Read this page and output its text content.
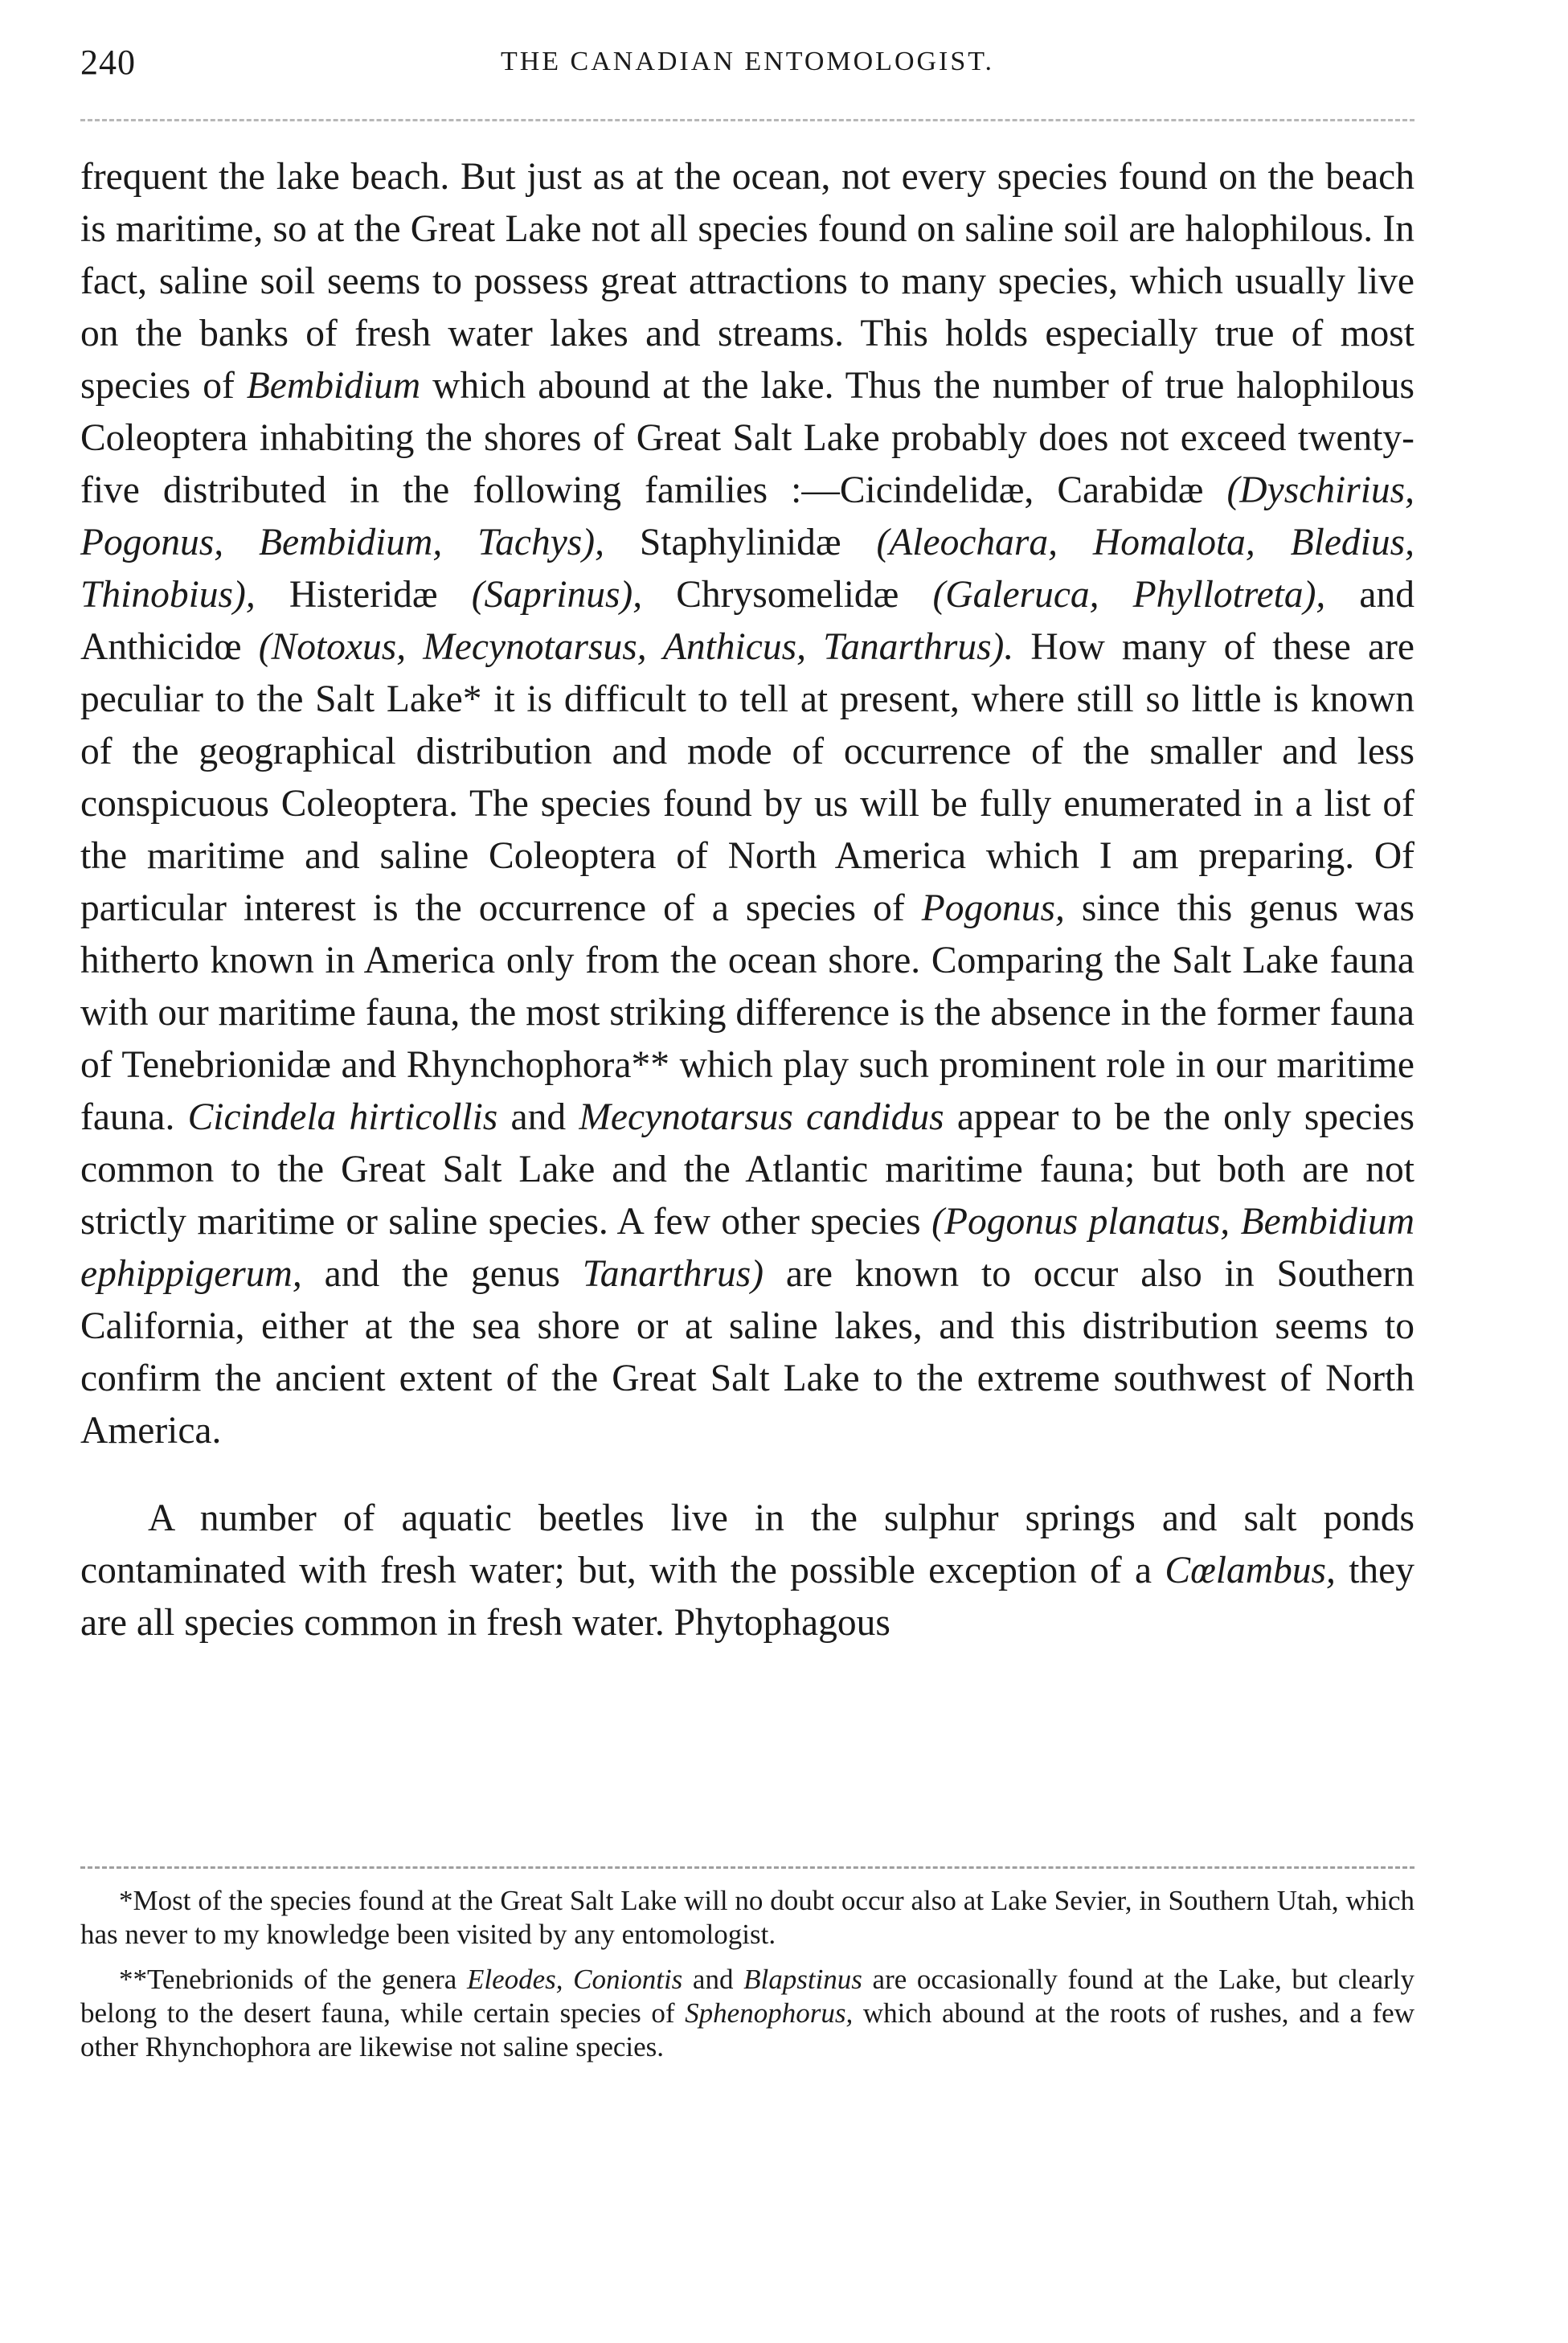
240	THE CANADIAN ENTOMOLOGIST.

frequent the lake beach. But just as at the ocean, not every species found on the beach is maritime, so at the Great Lake not all species found on saline soil are halophilous. In fact, saline soil seems to possess great attractions to many species, which usually live on the banks of fresh water lakes and streams. This holds especially true of most species of Bembidium which abound at the lake. Thus the number of true halophilous Coleoptera inhabiting the shores of Great Salt Lake probably does not exceed twenty-five distributed in the following families :—Cicindelidæ, Carabidæ (Dyschirius, Pogonus, Bembidium, Tachys), Staphylinidæ (Aleochara, Homalota, Bledius, Thinobius), Histeridæ (Saprinus), Chrysomelidæ (Galeruca, Phyllotreta), and Anthicidœ (Notoxus, Mecynotarsus, Anthicus, Tanarthrus). How many of these are peculiar to the Salt Lake* it is difficult to tell at present, where still so little is known of the geographical distribution and mode of occurrence of the smaller and less conspicuous Coleoptera. The species found by us will be fully enumerated in a list of the maritime and saline Coleoptera of North America which I am preparing. Of particular interest is the occurrence of a species of Pogonus, since this genus was hitherto known in America only from the ocean shore. Comparing the Salt Lake fauna with our maritime fauna, the most striking difference is the absence in the former fauna of Tenebrionidæ and Rhynchophora** which play such prominent role in our maritime fauna. Cicindela hirticollis and Mecynotarsus candidus appear to be the only species common to the Great Salt Lake and the Atlantic maritime fauna; but both are not strictly maritime or saline species. A few other species (Pogonus planatus, Bembidium ephippigerum, and the genus Tanarthrus) are known to occur also in Southern California, either at the sea shore or at saline lakes, and this distribution seems to confirm the ancient extent of the Great Salt Lake to the extreme southwest of North America.

A number of aquatic beetles live in the sulphur springs and salt ponds contaminated with fresh water; but, with the possible exception of a Cœlambus, they are all species common in fresh water. Phytophagous

*Most of the species found at the Great Salt Lake will no doubt occur also at Lake Sevier, in Southern Utah, which has never to my knowledge been visited by any entomologist.

**Tenebrionids of the genera Eleodes, Coniontis and Blapstinus are occasionally found at the Lake, but clearly belong to the desert fauna, while certain species of Sphenophorus, which abound at the roots of rushes, and a few other Rhynchophora are likewise not saline species.
